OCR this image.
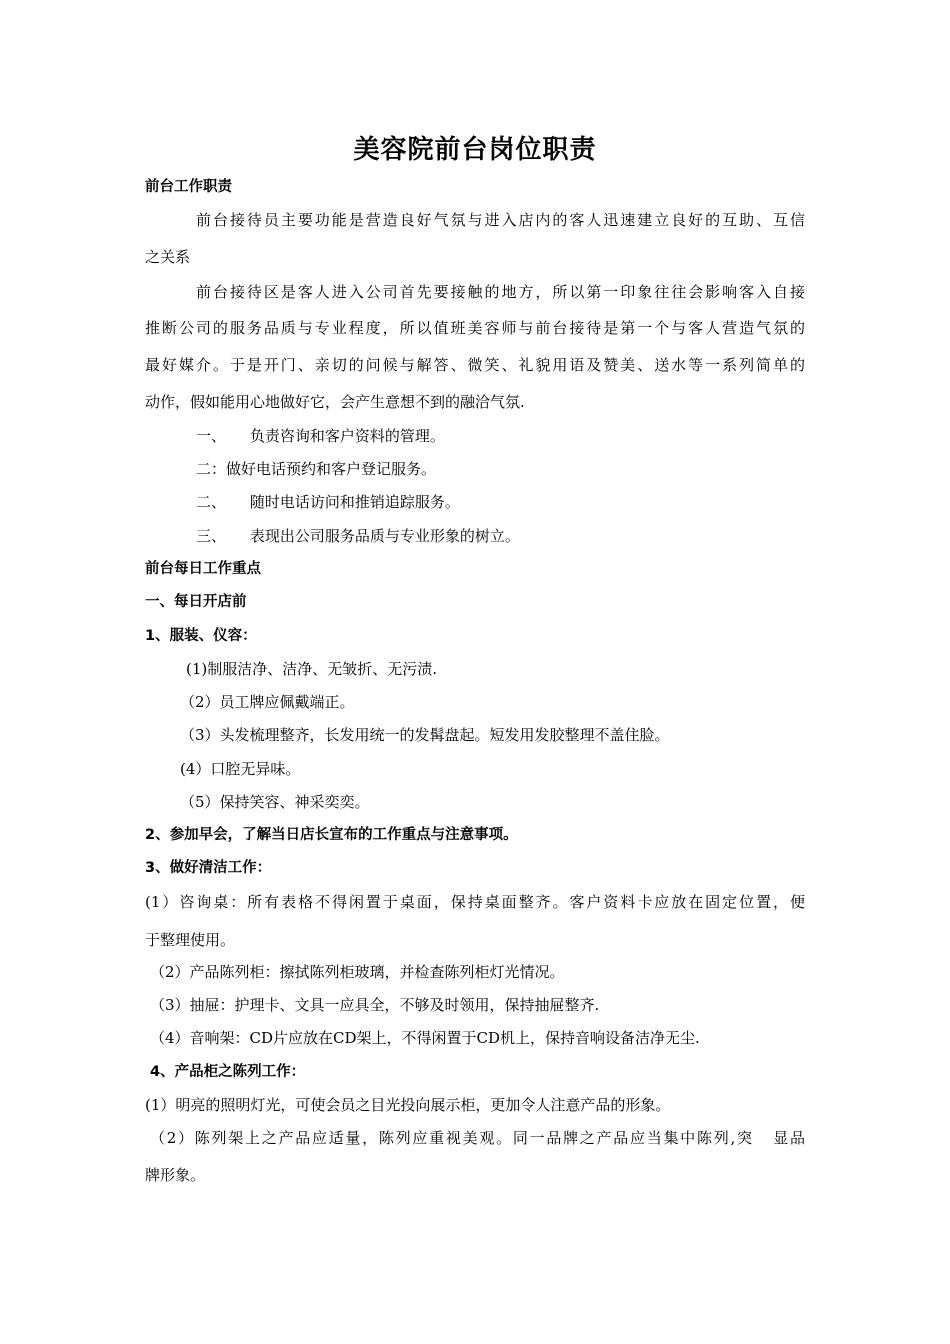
美容院前台岗位职责
前台工作职责
前台接待员主要功能是营造良好气氛与进入店内的客人迅速建立良好的互助、互信
之关系
前台接待区是客人进入公司首先要接触的地方，所以第一印象往往会影响客入自接
推断公司的服务品质与专业程度，所以值班美容师与前台接待是第一个与客人营造气氛的
最好媒介。于是开门、亲切的问候与解答、微笑、礼貌用语及赞美、送水等一系列简单的
动作，假如能用心地做好它，会产生意想不到的融洽气氛.
一、     负责咨询和客户资料的管理。
二：做好电话预约和客户登记服务。
二、     随时电话访问和推销追踪服务。
三、     表现出公司服务品质与专业形象的树立。
前台每日工作重点
一、每日开店前
1、服装、仪容：
(1)制服洁净、洁净、无皱折、无污渍.
（2）员工牌应佩戴端正。
（3）头发梳理整齐，长发用统一的发髯盘起。短发用发胶整理不盖住脸。
(4）口腔无异味。
（5）保持笑容、神采奕奕。
2、参加早会，了解当日店长宣布的工作重点与注意事项。
3、做好清洁工作：
(1）咨询桌：所有表格不得闲置于桌面，保持桌面整齐。客户资料卡应放在固定位置，便
于整理使用。
（2）产品陈列柜：擦拭陈列柜玻璃，并检查陈列柜灯光情况。
（3）抽屉：护理卡、文具一应具全，不够及时领用，保持抽屉整齐.
（4）音响架：CD片应放在CD架上，不得闲置于CD机上，保持音响设备洁净无尘.
4、产品柜之陈列工作：
(1）明亮的照明灯光，可使会员之目光投向展示柜，更加令人注意产品的形象。
（2）陈列架上之产品应适量，陈列应重视美观。同一品牌之产品应当集中陈列,突   显品
牌形象。
